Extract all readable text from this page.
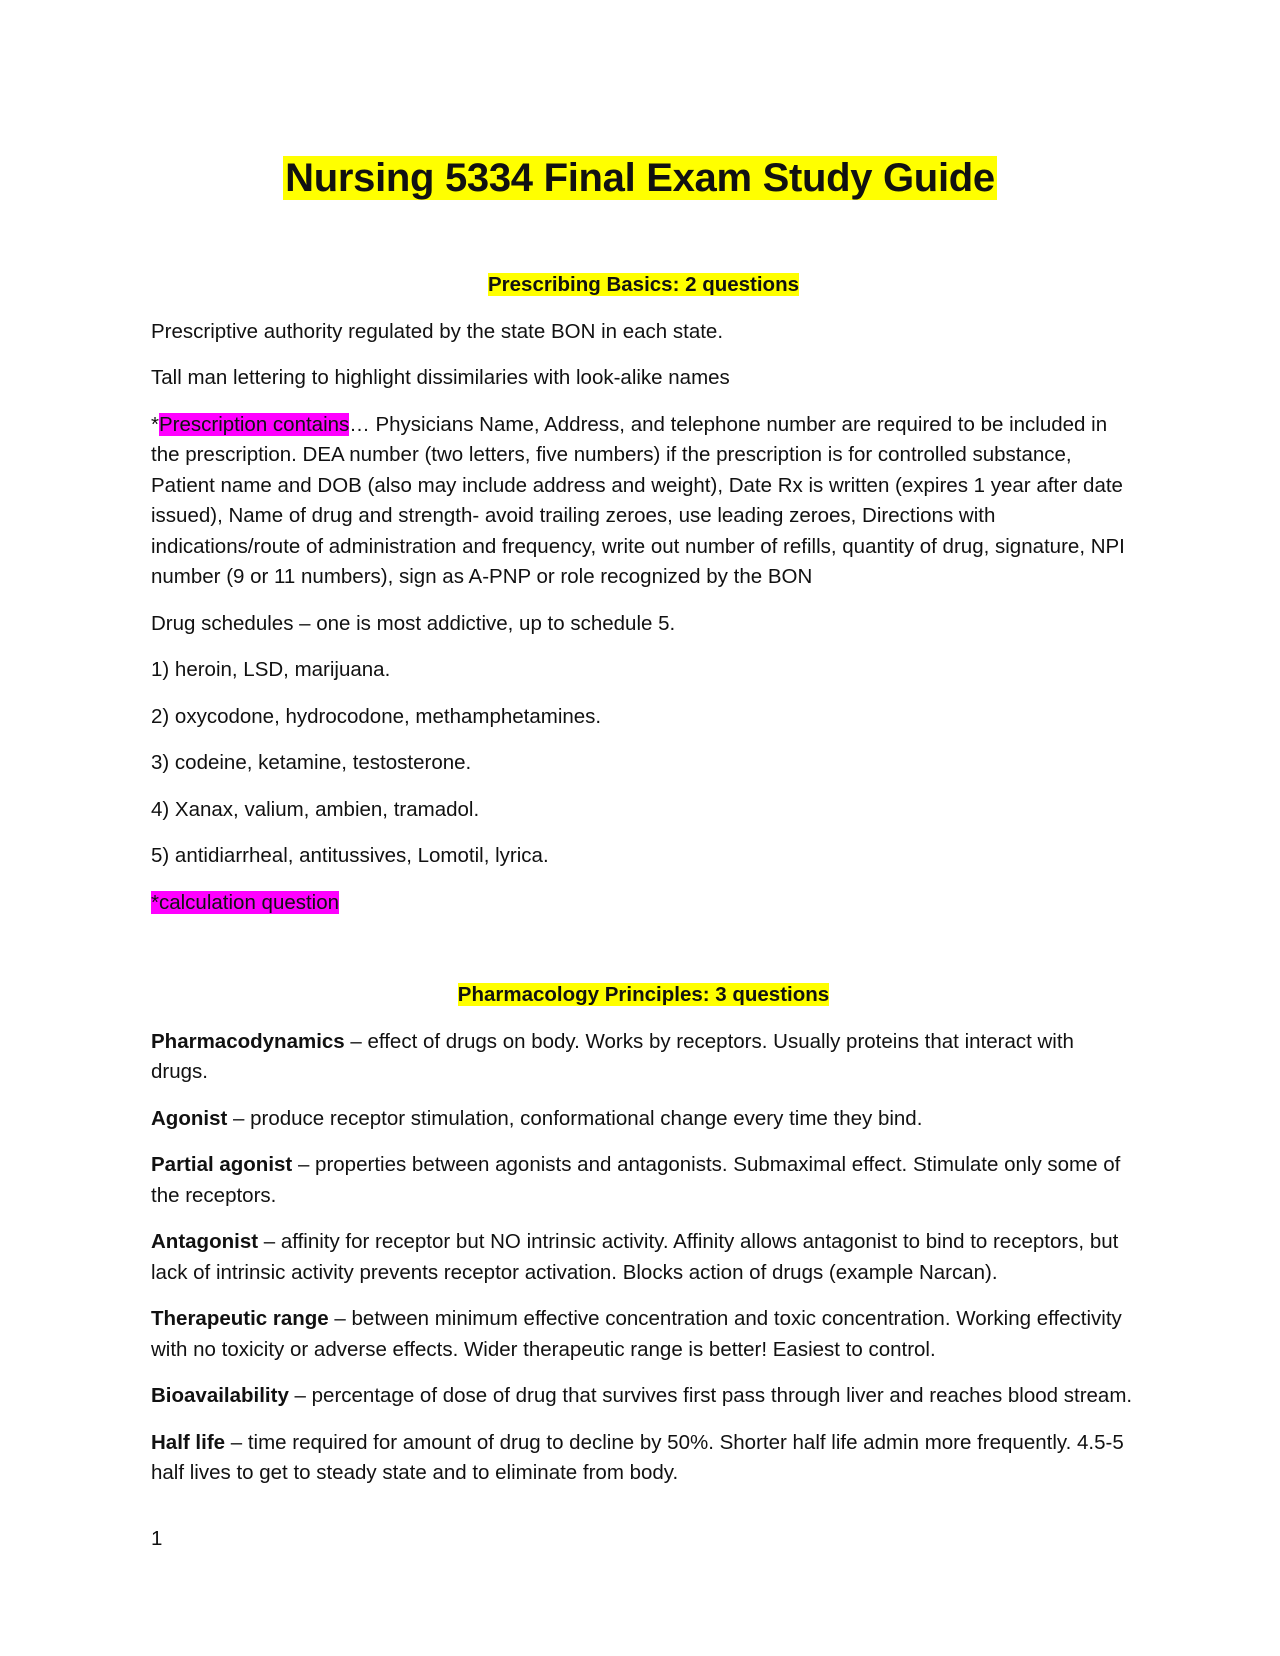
Nursing 5334 Final Exam Study Guide

Prescribing Basics: 2 questions

Prescriptive authority regulated by the state BON in each state.

Tall man lettering to highlight dissimilaries with look-alike names

*Prescription contains… Physicians Name, Address, and telephone number are required to be included in the prescription. DEA number (two letters, five numbers) if the prescription is for controlled substance, Patient name and DOB (also may include address and weight), Date Rx is written (expires 1 year after date issued), Name of drug and strength- avoid trailing zeroes, use leading zeroes, Directions with indications/route of administration and frequency, write out number of refills, quantity of drug, signature, NPI number (9 or 11 numbers), sign as A-PNP or role recognized by the BON

Drug schedules – one is most addictive, up to schedule 5.

1) heroin, LSD, marijuana.

2) oxycodone, hydrocodone, methamphetamines.

3) codeine, ketamine, testosterone.

4) Xanax, valium, ambien, tramadol.

5) antidiarrheal, antitussives, Lomotil, lyrica.

*calculation question

Pharmacology Principles: 3 questions

Pharmacodynamics – effect of drugs on body. Works by receptors. Usually proteins that interact with drugs.

Agonist – produce receptor stimulation, conformational change every time they bind.

Partial agonist – properties between agonists and antagonists. Submaximal effect. Stimulate only some of the receptors.

Antagonist – affinity for receptor but NO intrinsic activity. Affinity allows antagonist to bind to receptors, but lack of intrinsic activity prevents receptor activation. Blocks action of drugs (example Narcan).

Therapeutic range – between minimum effective concentration and toxic concentration. Working effectivity with no toxicity or adverse effects. Wider therapeutic range is better! Easiest to control.

Bioavailability – percentage of dose of drug that survives first pass through liver and reaches blood stream.

Half life – time required for amount of drug to decline by 50%. Shorter half life admin more frequently. 4.5-5 half lives to get to steady state and to eliminate from body.

1
